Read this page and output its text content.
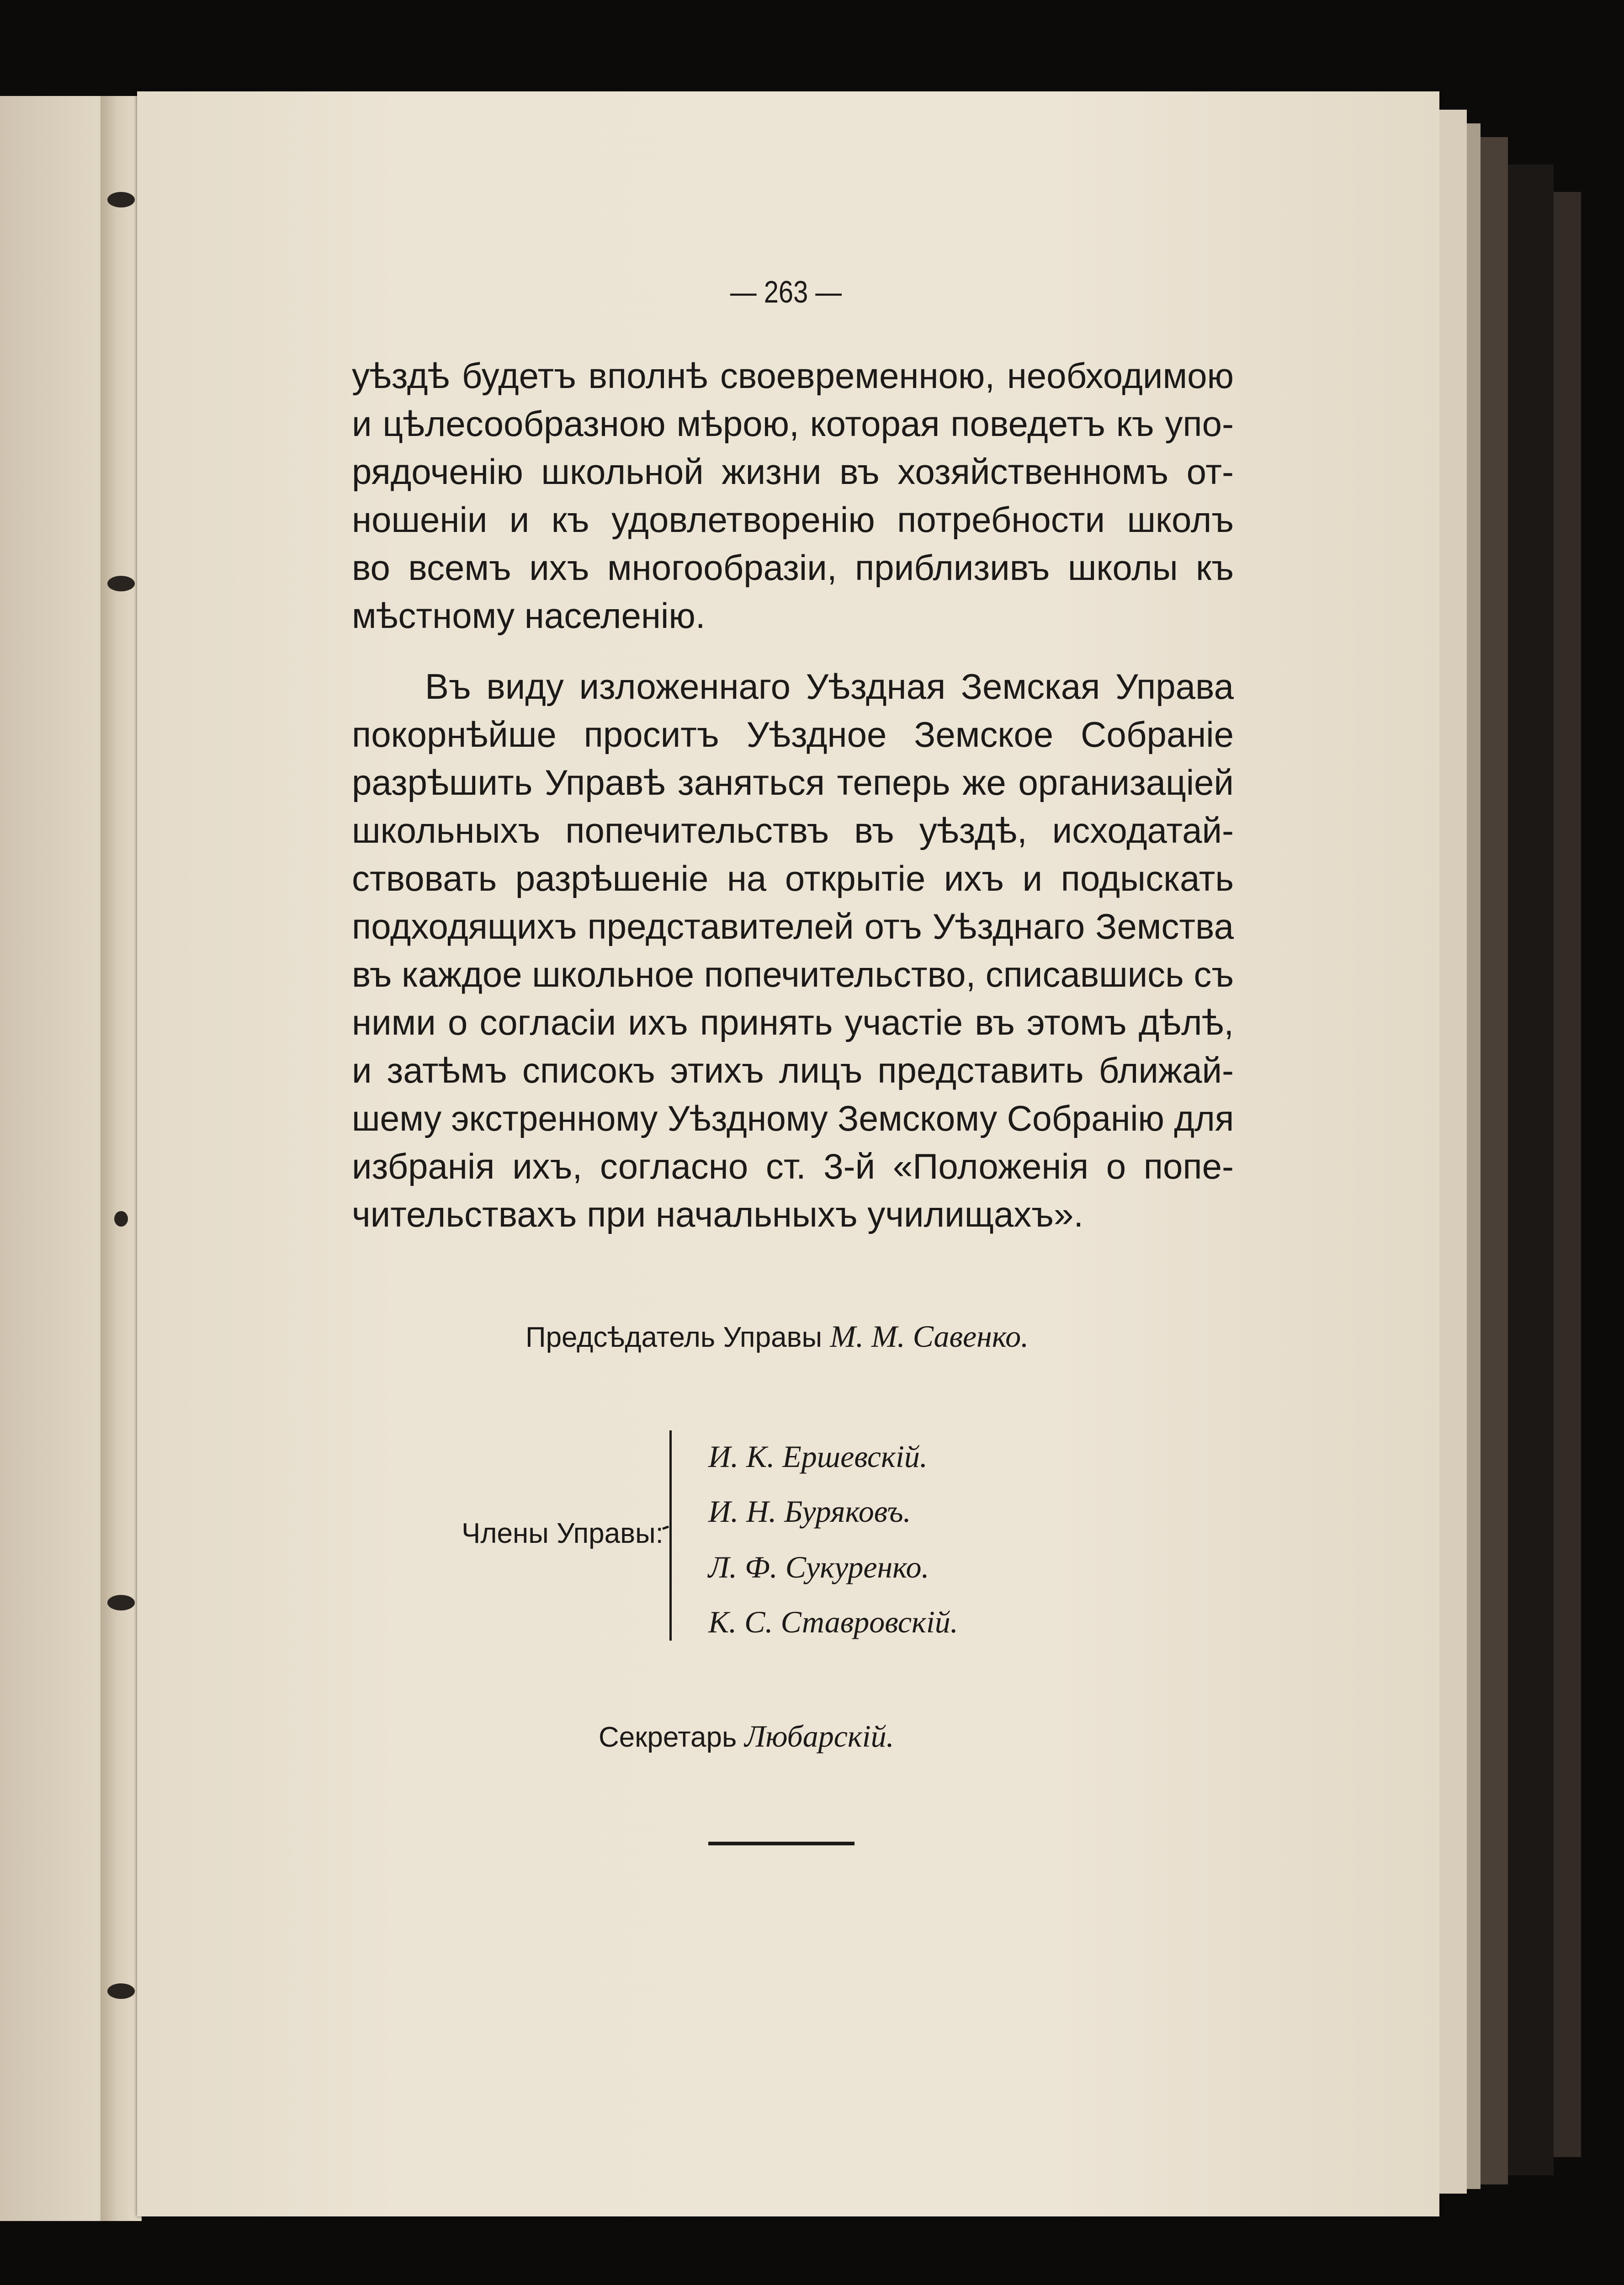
— 263 —
уѣздѣ будетъ вполнѣ своевременною, необходимою
и цѣлесообразною мѣрою, которая поведетъ къ упо-
рядоченію школьной жизни въ хозяйственномъ от-
ношеніи и къ удовлетворенію потребности школъ
во всемъ ихъ многообразіи, приблизивъ школы къ
мѣстному населенію.
Въ виду изложеннаго Уѣздная Земская Управа
покорнѣйше проситъ Уѣздное Земское Собраніе
разрѣшить Управѣ заняться теперь же организаціей
школьныхъ попечительствъ въ уѣздѣ, исходатай-
ствовать разрѣшеніе на открытіе ихъ и подыскать
подходящихъ представителей отъ Уѣзднаго Земства
въ каждое школьное попечительство, списавшись съ
ними о согласіи ихъ принять участіе въ этомъ дѣлѣ,
и затѣмъ списокъ этихъ лицъ представить ближай-
шему экстренному Уѣздному Земскому Собранію для
избранія ихъ, согласно ст. 3-й «Положенія о попе-
чительствахъ при начальныхъ училищахъ».
Предсѣдатель Управы М. М. Савенко.
Члены Управы:
И. К. Ершевскій.
И. Н. Буряковъ.
Л. Ф. Сукуренко.
К. С. Ставровскій.
Секретарь Любарскій.
